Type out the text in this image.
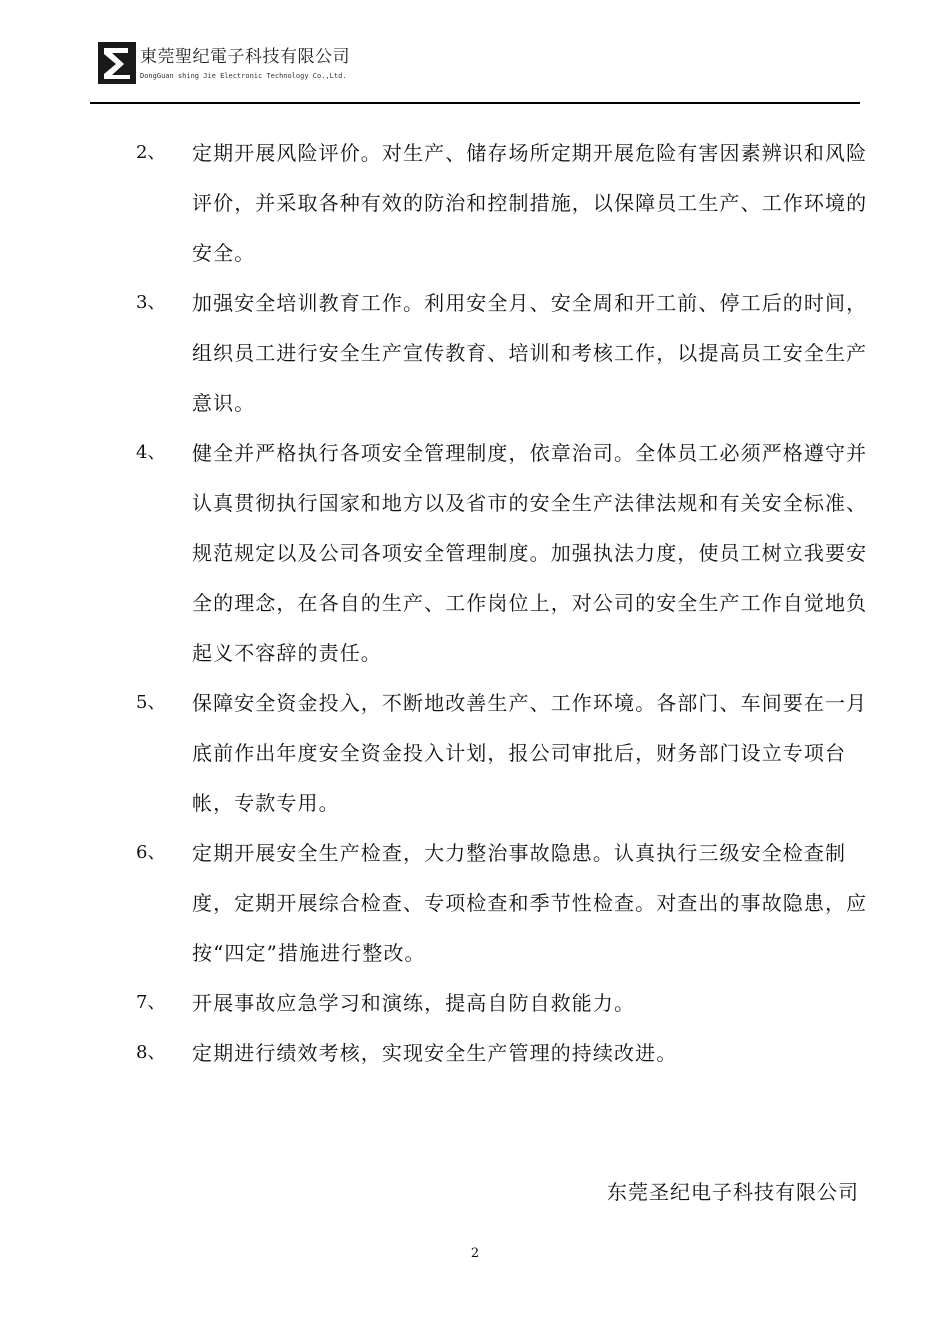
東莞聖纪電子科技有限公司
DongGuan shing Jie Electronic Technology Co.,Ltd.
2、 定期开展风险评价。对生产、储存场所定期开展危险有害因素辨识和风险评价，并采取各种有效的防治和控制措施，以保障员工生产、工作环境的安全。
3、 加强安全培训教育工作。利用安全月、安全周和开工前、停工后的时间，组织员工进行安全生产宣传教育、培训和考核工作，以提高员工安全生产意识。
4、 健全并严格执行各项安全管理制度，依章治司。全体员工必须严格遵守并认真贯彻执行国家和地方以及省市的安全生产法律法规和有关安全标准、规范规定以及公司各项安全管理制度。加强执法力度，使员工树立我要安全的理念，在各自的生产、工作岗位上，对公司的安全生产工作自觉地负起义不容辞的责任。
5、 保障安全资金投入，不断地改善生产、工作环境。各部门、车间要在一月底前作出年度安全资金投入计划，报公司审批后，财务部门设立专项台帐，专款专用。
6、 定期开展安全生产检查，大力整治事故隐患。认真执行三级安全检查制度，定期开展综合检查、专项检查和季节性检查。对查出的事故隐患，应按“四定”措施进行整改。
7、 开展事故应急学习和演练，提高自防自救能力。
8、 定期进行绩效考核，实现安全生产管理的持续改进。
东莞圣纪电子科技有限公司
2
